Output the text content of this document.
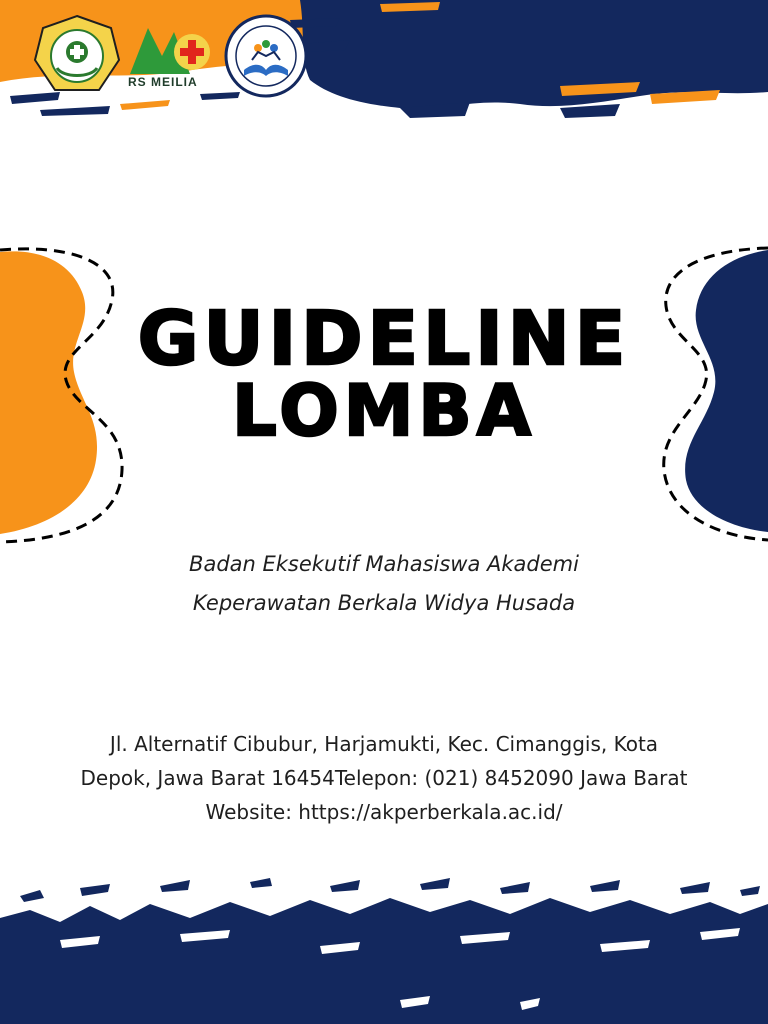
RS MEILIA
GUIDELINE
LOMBA
Badan Eksekutif Mahasiswa Akademi
Keperawatan Berkala Widya Husada
Jl. Alternatif Cibubur, Harjamukti, Kec. Cimanggis, Kota
Depok, Jawa Barat 16454Telepon: (021) 8452090 Jawa Barat
Website: https://akperberkala.ac.id/
